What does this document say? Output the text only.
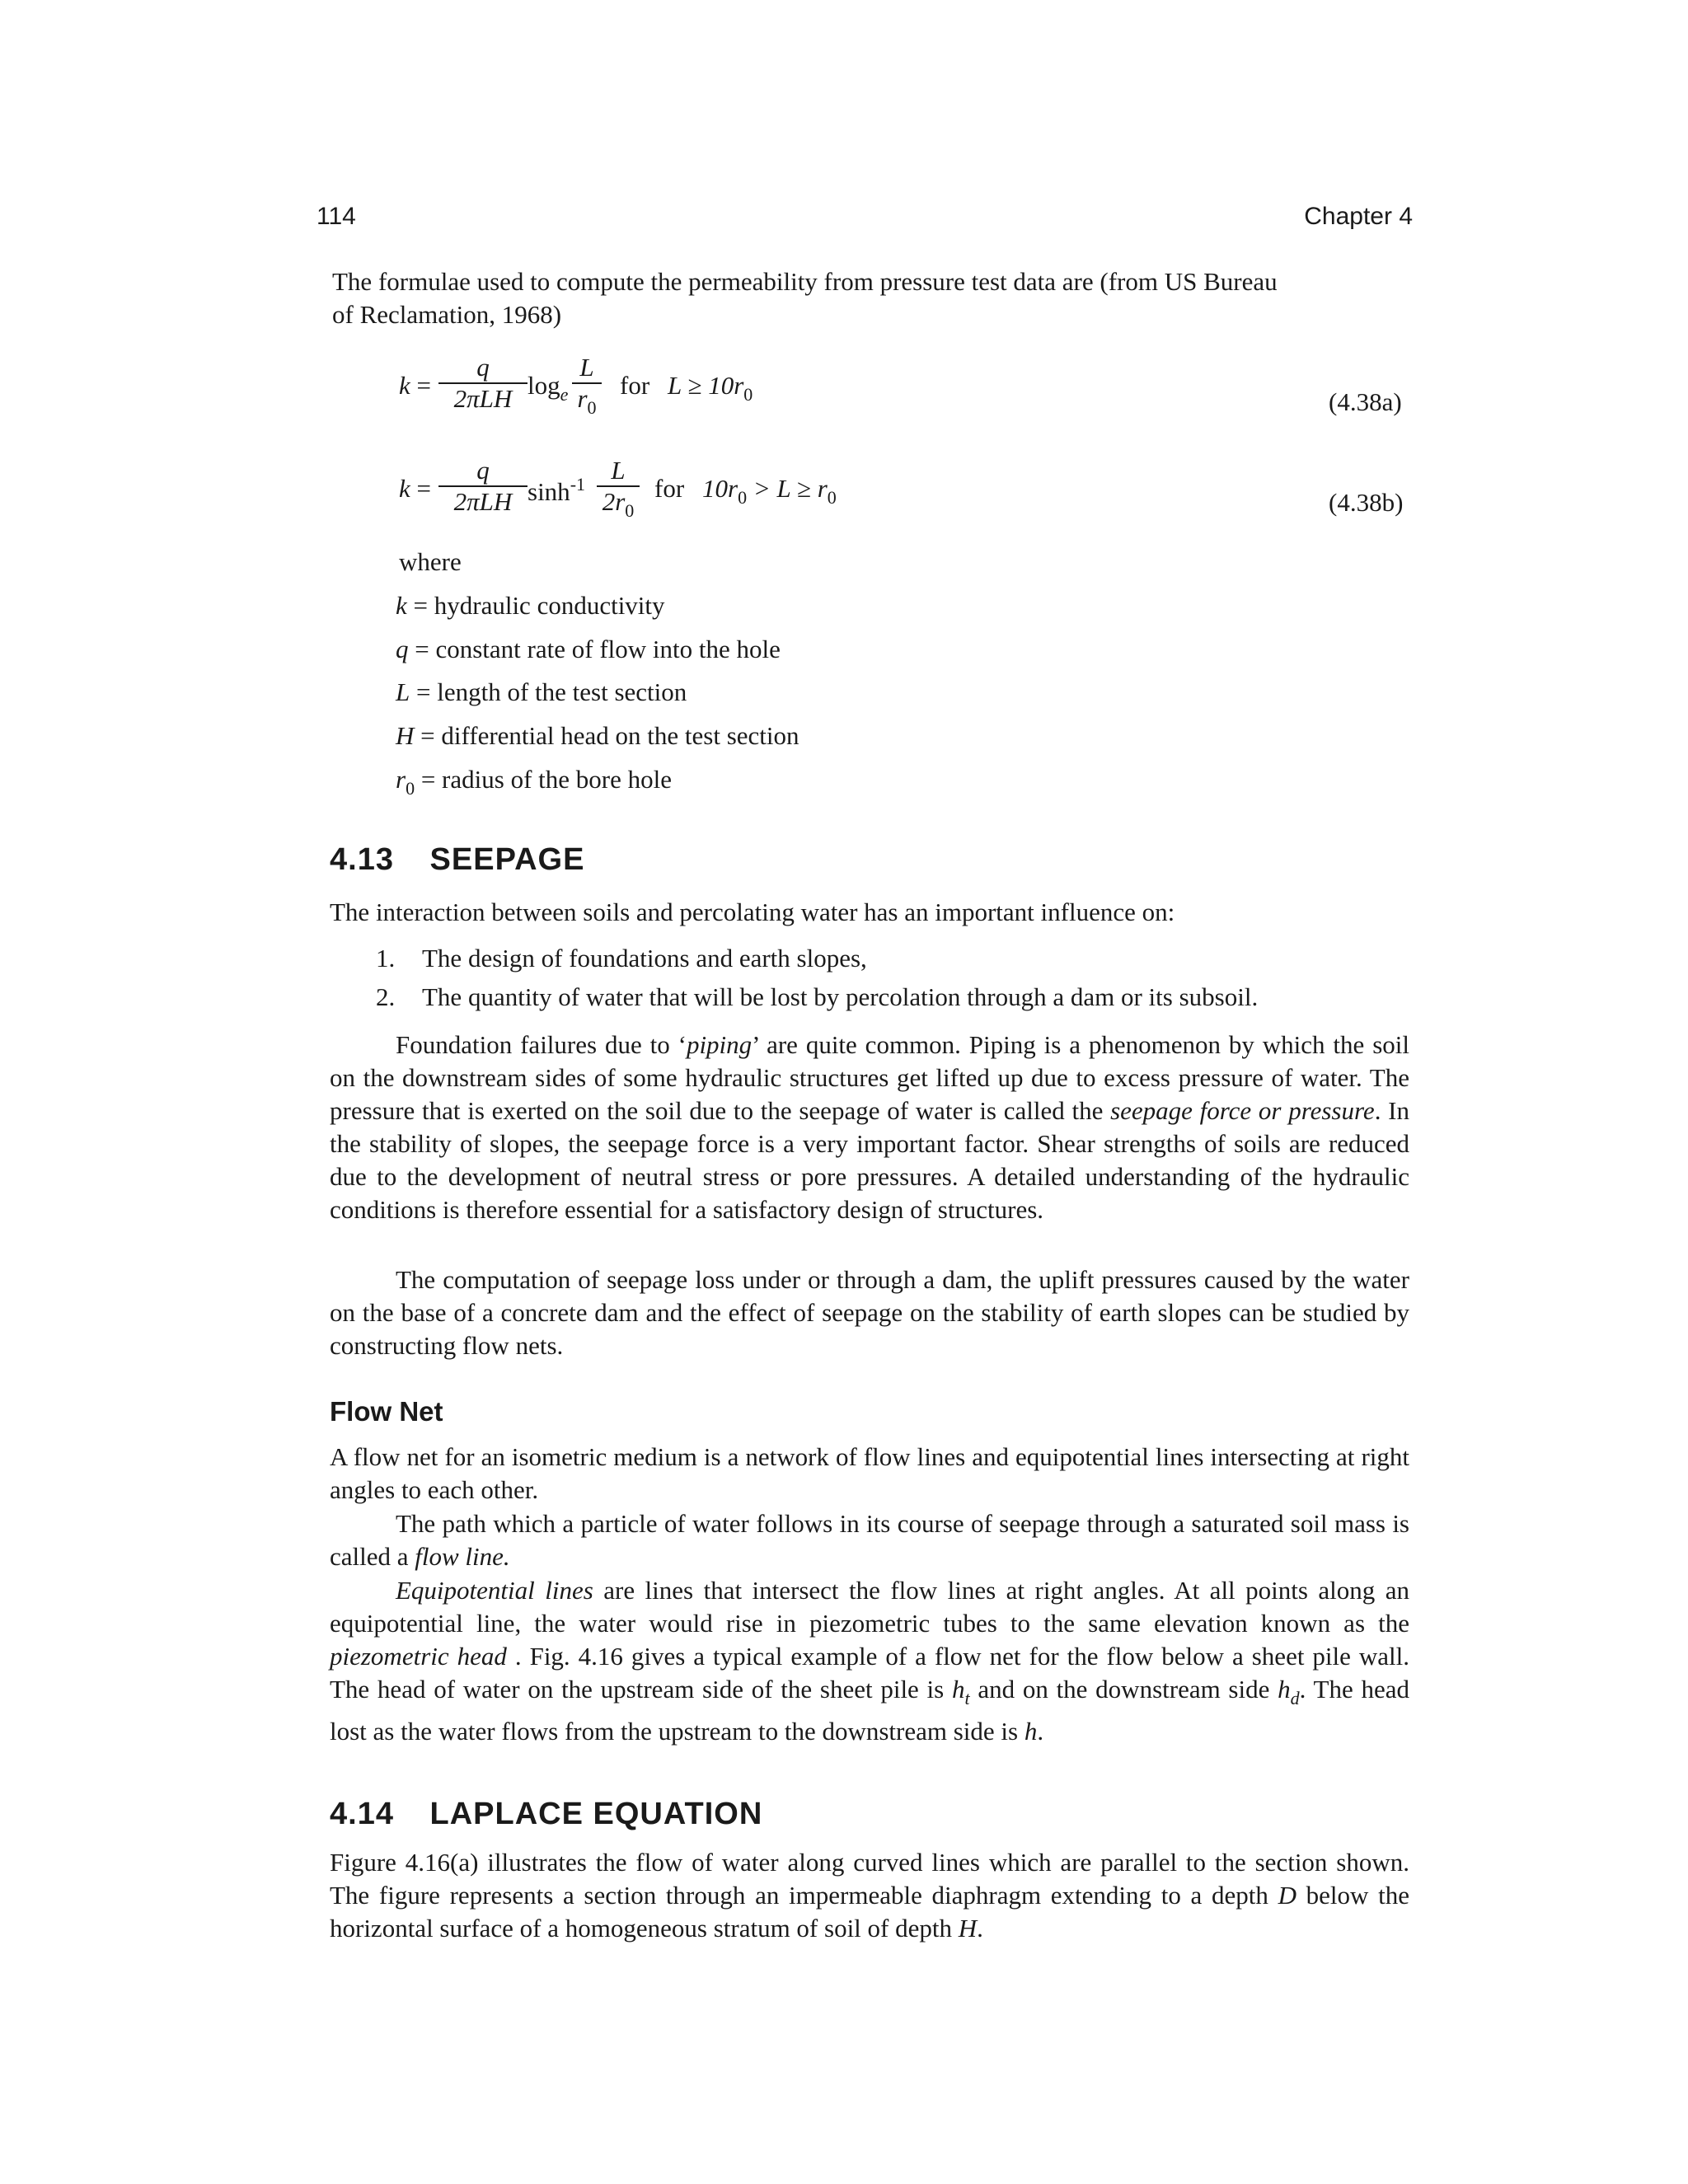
114	Chapter 4
The formulae used to compute the permeability from pressure test data are (from US Bureau
of Reclamation, 1968)
k =
q
2πLH $\log_e$
L
$r_0$
for $L \ge 10r_0$	(4.38a)
k =
q
2πLH $\sinh^{-1} L$
$2r_0$
for $10r_0 > L \ge r_0$	(4.38b)
where
k = hydraulic conductivity
q = constant rate of flow into the hole
L = length of the test section
H = differential head on the test section
$r_0$ = radius of the bore hole
4.13 SEEPAGE
The interaction between soils and percolating water has an important influence on:
1. The design of foundations and earth slopes,
2. The quantity of water that will be lost by percolation through a dam or its subsoil.
Foundation failures due to ‘piping’ are quite common. Piping is a phenomenon by which the soil on the downstream sides of some hydraulic structures get lifted up due to excess pressure of water. The pressure that is exerted on the soil due to the seepage of water is called the seepage force or pressure. In the stability of slopes, the seepage force is a very important factor. Shear strengths of soils are reduced due to the development of neutral stress or pore pressures. A detailed understanding of the hydraulic conditions is therefore essential for a satisfactory design of structures.
The computation of seepage loss under or through a dam, the uplift pressures caused by the water on the base of a concrete dam and the effect of seepage on the stability of earth slopes can be studied by constructing flow nets.
Flow Net
A flow net for an isometric medium is a network of flow lines and equipotential lines intersecting at right angles to each other.
The path which a particle of water follows in its course of seepage through a saturated soil mass is called a flow line.
Equipotential lines are lines that intersect the flow lines at right angles. At all points along an equipotential line, the water would rise in piezometric tubes to the same elevation known as the piezometric head . Fig. 4.16 gives a typical example of a flow net for the flow below a sheet pile wall. The head of water on the upstream side of the sheet pile is $h_t$ and on the downstream side $h_d$. The head lost as the water flows from the upstream to the downstream side is h.
4.14 LAPLACE EQUATION
Figure 4.16(a) illustrates the flow of water along curved lines which are parallel to the section shown. The figure represents a section through an impermeable diaphragm extending to a depth D below the horizontal surface of a homogeneous stratum of soil of depth H.
